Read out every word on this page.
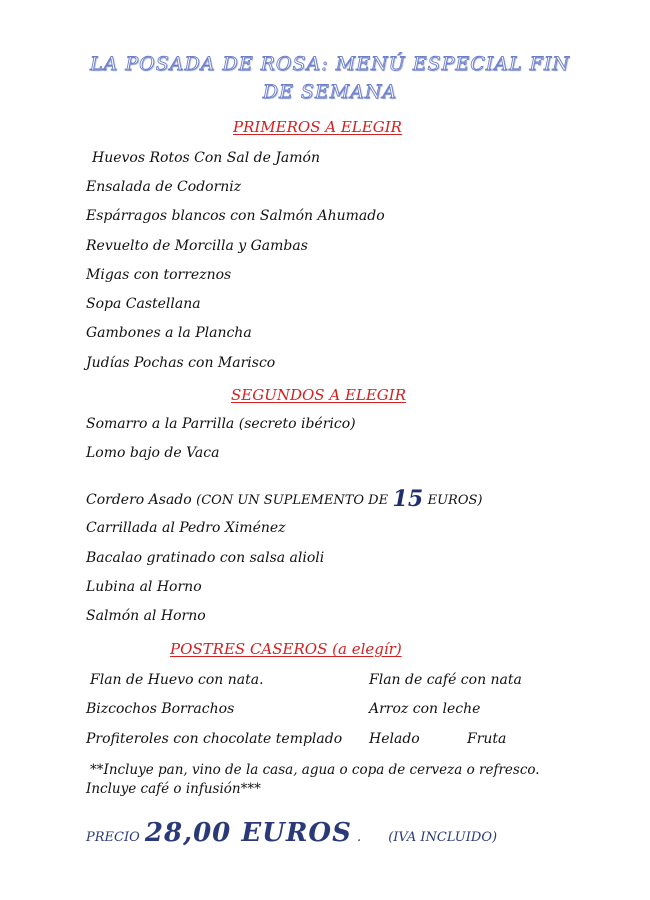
LA POSADA DE ROSA: MENÚ ESPECIAL FIN
DE SEMANA
PRIMEROS A ELEGIR
Huevos Rotos Con Sal de Jamón
Ensalada de Codorniz
Espárragos blancos con Salmón Ahumado
Revuelto de Morcilla y Gambas
Migas con torreznos
Sopa Castellana
Gambones a la Plancha
Judías Pochas con Marisco
SEGUNDOS A ELEGIR
Somarro a la Parrilla (secreto ibérico)
Lomo bajo de Vaca
Cordero Asado (CON UN SUPLEMENTO DE 15 EUROS)
Carrillada al Pedro Ximénez
Bacalao gratinado con salsa alioli
Lubina al Horno
Salmón al Horno
POSTRES CASEROS (a elegír)
Flan de Huevo con nata.
Bizcochos Borrachos
Profiteroles con chocolate templado
Flan de café con nata
Arroz con leche
Helado	Fruta
**Incluye pan, vino de la casa, agua o copa de cerveza o refresco.
Incluye café o infusión***
PRECIO 28,00 EUROS . (IVA INCLUIDO)
